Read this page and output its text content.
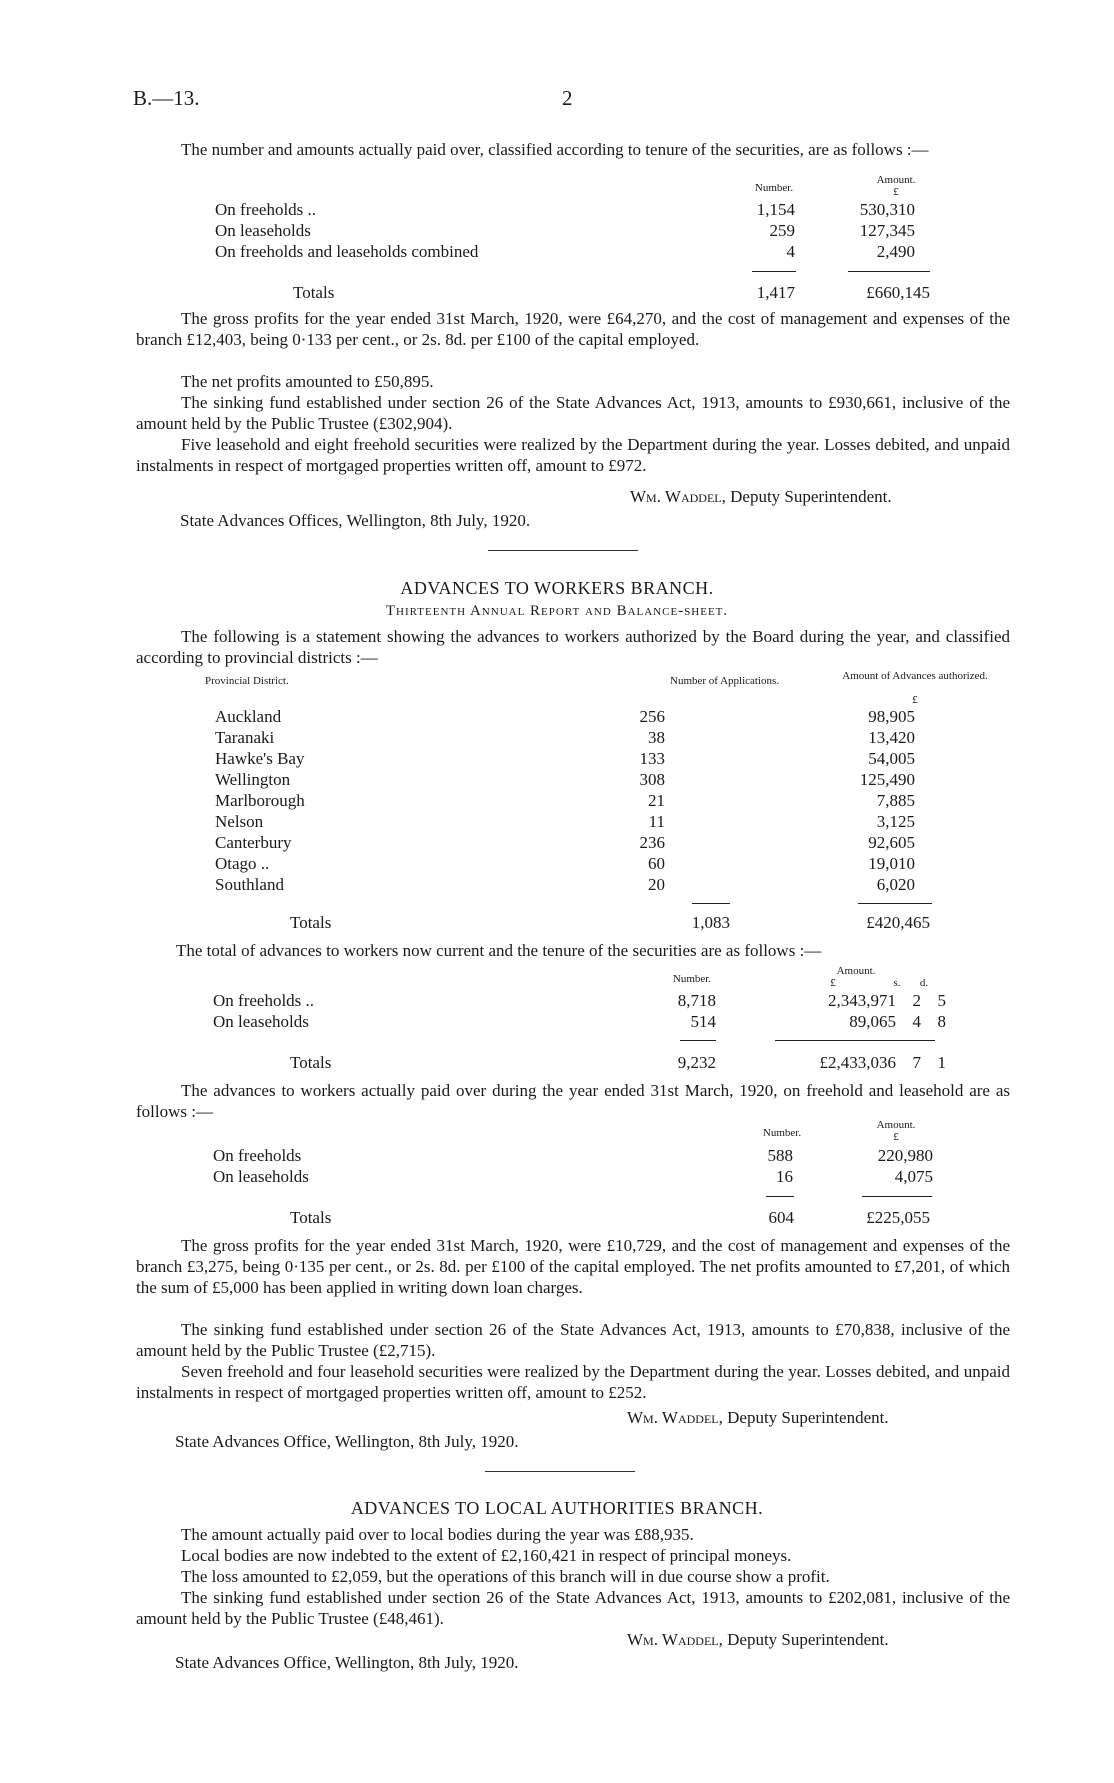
B.—13.	2

The number and amounts actually paid over, classified according to tenure of the securities, are as follows :—

Number.
Amount.
£
On freeholds ..	1,154	530,310
On leaseholds	259	127,345
On freeholds and leaseholds combined	4	2,490
Totals	1,417	£660,145

The gross profits for the year ended 31st March, 1920, were £64,270, and the cost of management and expenses of the branch £12,403, being 0·133 per cent., or 2s. 8d. per £100 of the capital employed.

The net profits amounted to £50,895.

The sinking fund established under section 26 of the State Advances Act, 1913, amounts to £930,661, inclusive of the amount held by the Public Trustee (£302,904).

Five leasehold and eight freehold securities were realized by the Department during the year. Losses debited, and unpaid instalments in respect of mortgaged properties written off, amount to £972.

Wm. Waddel, Deputy Superintendent.
State Advances Offices, Wellington, 8th July, 1920.
ADVANCES TO WORKERS BRANCH.
Thirteenth Annual Report and Balance-sheet.

The following is a statement showing the advances to workers authorized by the Board during the year, and classified according to provincial districts :—

Provincial District.	Number of Applications.	Amount of Advances authorized.
£
Auckland	256	98,905
Taranaki	38	13,420
Hawke's Bay	133	54,005
Wellington	308	125,490
Marlborough	21	7,885
Nelson	11	3,125
Canterbury	236	92,605
Otago ..	60	19,010
Southland	20	6,020
Totals	1,083	£420,465

The total of advances to workers now current and the tenure of the securities are as follows :—

Number.
Amount.
£	s.	d.
On freeholds ..	8,718	2,343,971	2	5
On leaseholds	514	89,065	4	8
Totals	9,232	£2,433,036 7 1

The advances to workers actually paid over during the year ended 31st March, 1920, on freehold and leasehold are as follows :—

Number.
Amount.
£
On freeholds	588	220,980
On leaseholds	16	4,075
Totals	604	£225,055

The gross profits for the year ended 31st March, 1920, were £10,729, and the cost of management and expenses of the branch £3,275, being 0·135 per cent., or 2s. 8d. per £100 of the capital employed. The net profits amounted to £7,201, of which the sum of £5,000 has been applied in writing down loan charges.

The sinking fund established under section 26 of the State Advances Act, 1913, amounts to £70,838, inclusive of the amount held by the Public Trustee (£2,715).

Seven freehold and four leasehold securities were realized by the Department during the year. Losses debited, and unpaid instalments in respect of mortgaged properties written off, amount to £252.

Wm. Waddel, Deputy Superintendent.
State Advances Office, Wellington, 8th July, 1920.
ADVANCES TO LOCAL AUTHORITIES BRANCH.

The amount actually paid over to local bodies during the year was £88,935.

Local bodies are now indebted to the extent of £2,160,421 in respect of principal moneys.

The loss amounted to £2,059, but the operations of this branch will in due course show a profit.

The sinking fund established under section 26 of the State Advances Act, 1913, amounts to £202,081, inclusive of the amount held by the Public Trustee (£48,461).

Wm. Waddel, Deputy Superintendent.
State Advances Office, Wellington, 8th July, 1920.
